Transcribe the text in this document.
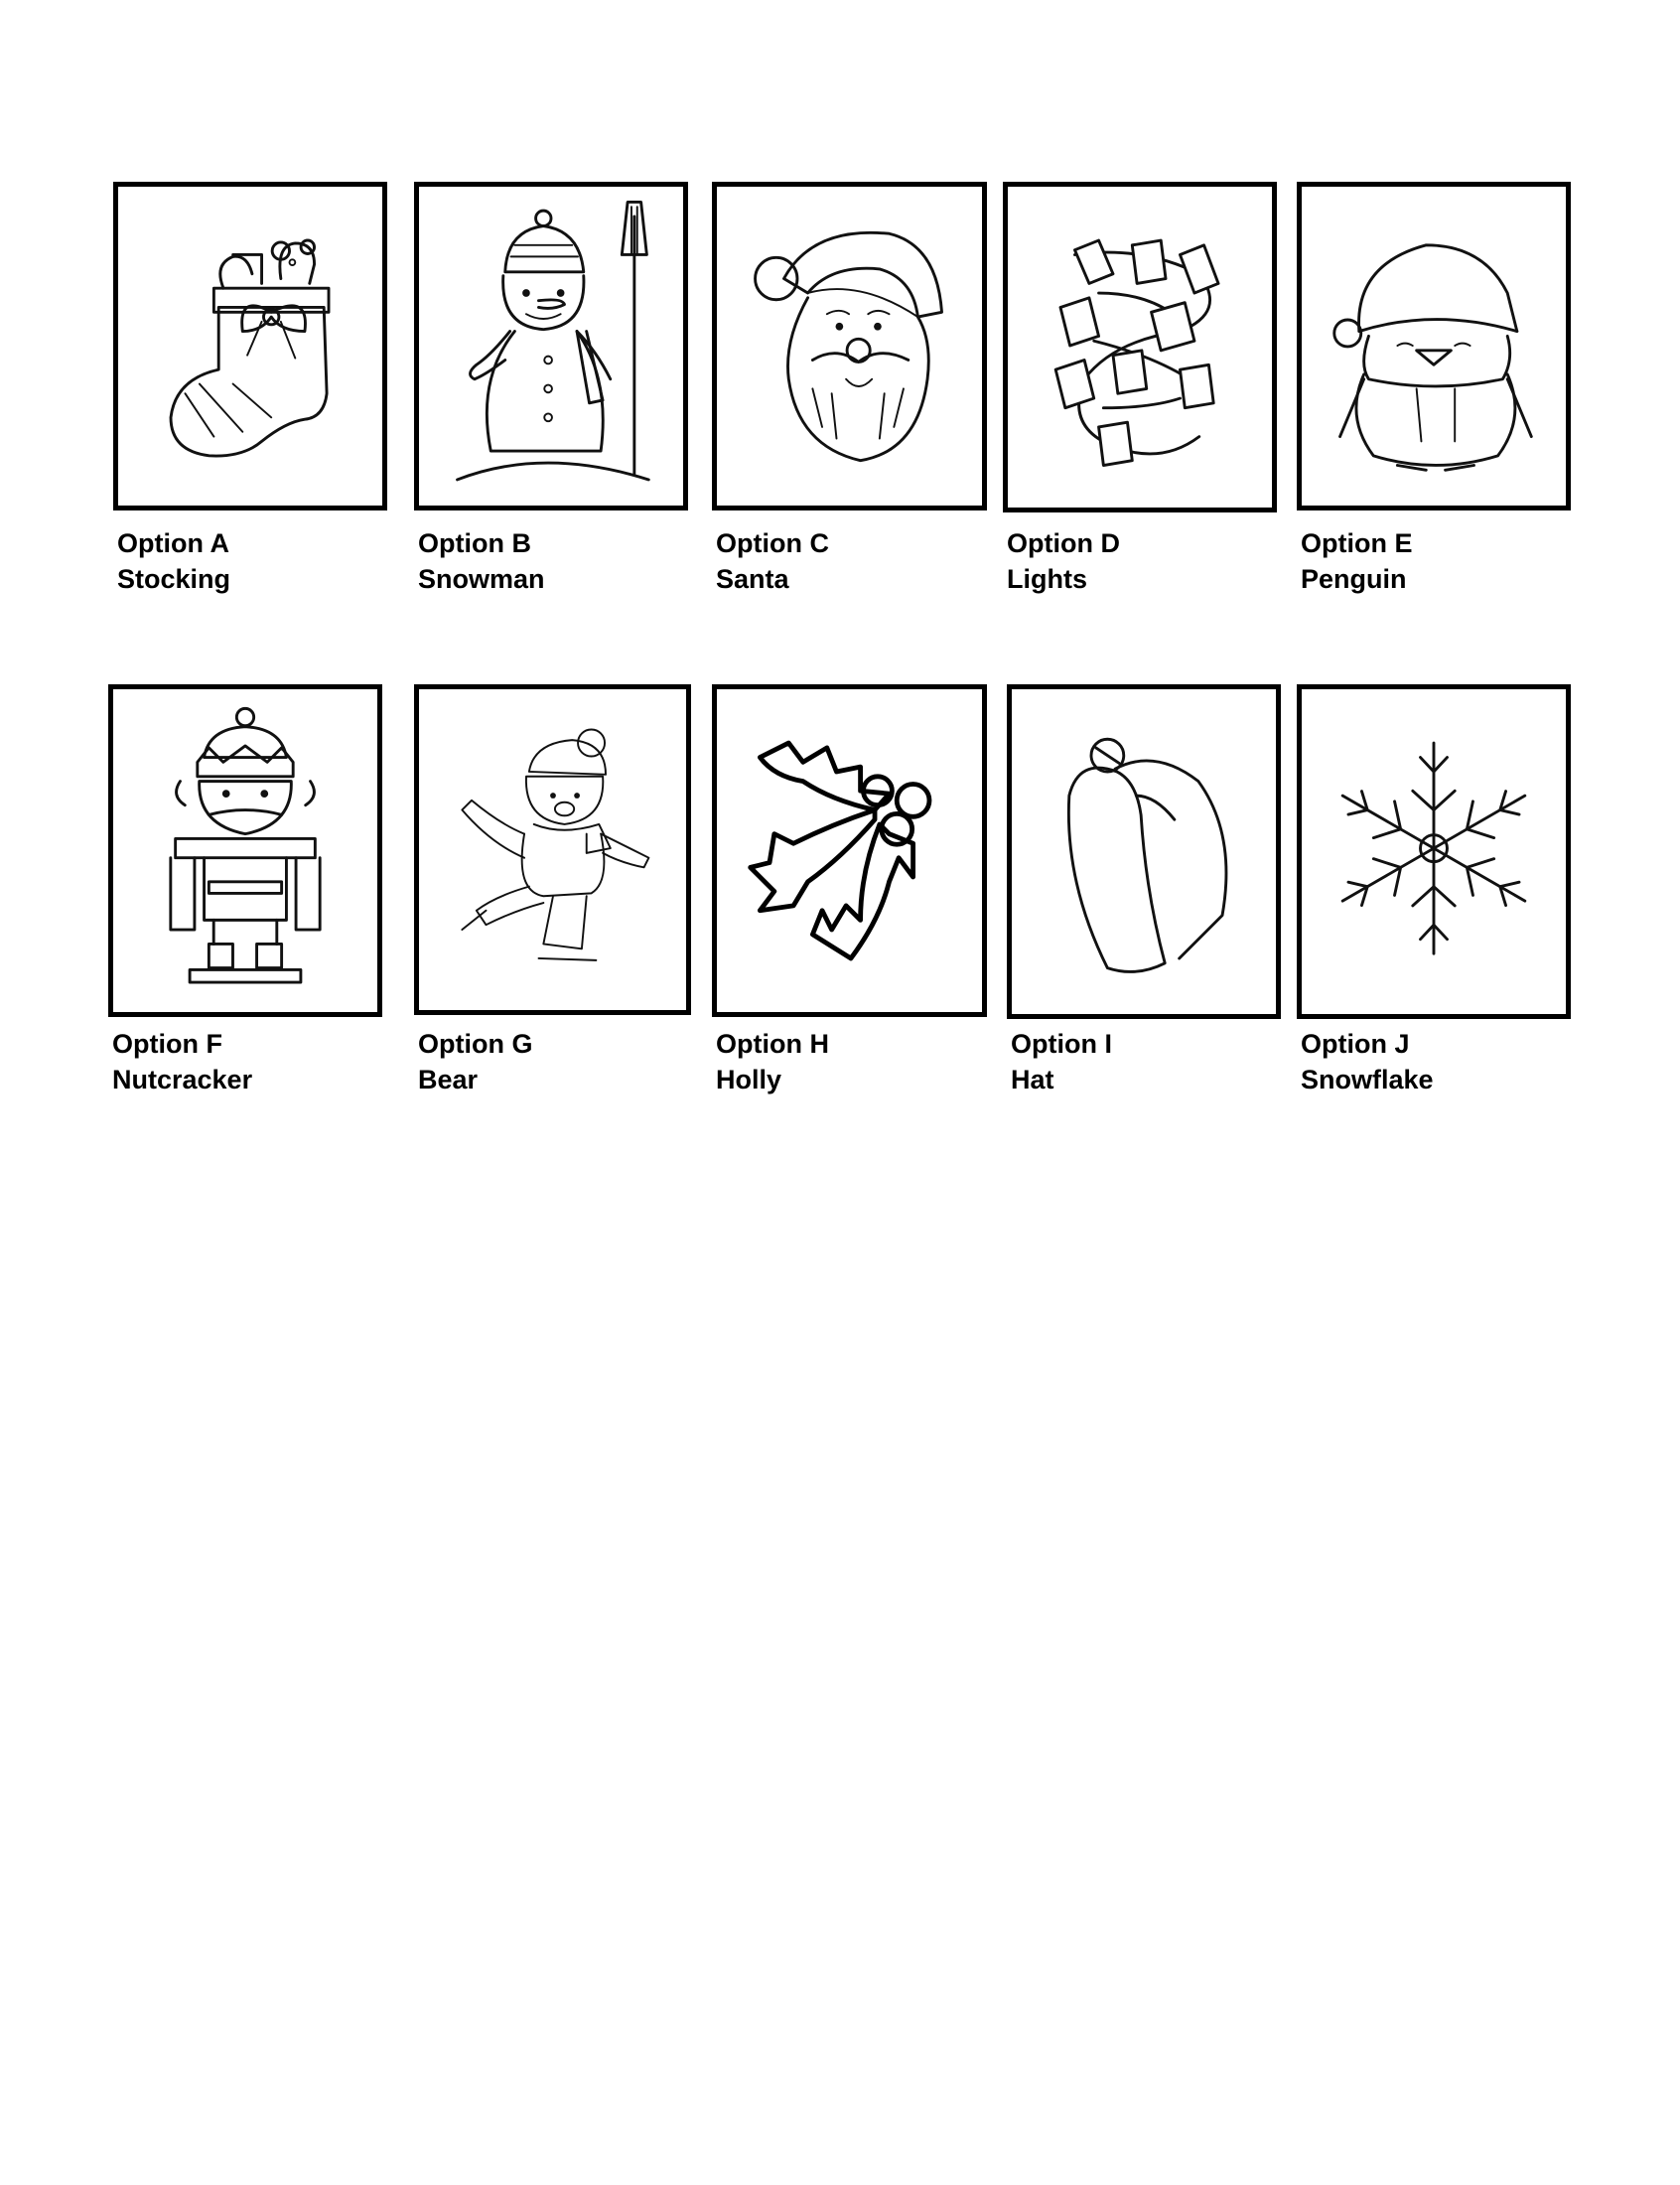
Option A
Stocking
Option B
Snowman
Option C
Santa
Option D
Lights
Option E
Penguin
Option F
Nutcracker
Option G
Bear
Option H
Holly
Option I
Hat
Option J
Snowflake
